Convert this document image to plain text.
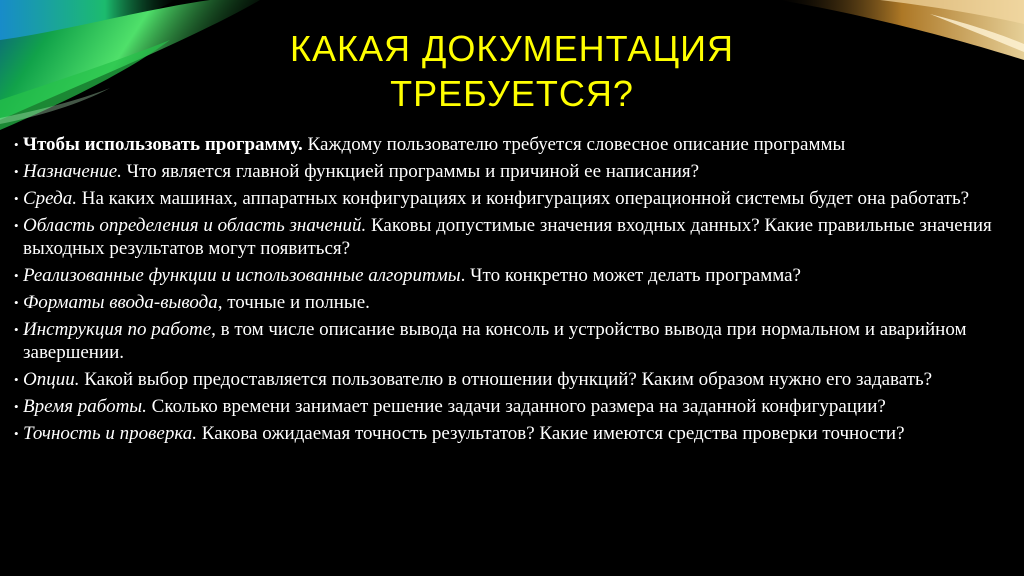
КАКАЯ ДОКУМЕНТАЦИЯ
ТРЕБУЕТСЯ?
• Чтобы использовать программу. Каждому пользователю требуется словесное описание программы
• Назначение. Что является главной функцией программы и причиной ее написания?
• Среда. На каких машинах, аппаратных конфигурациях и конфигурациях операционной системы будет она работать?
• Область определения и область значений. Каковы допустимые значения входных данных? Какие правильные значения выходных результатов могут появиться?
• Реализованные функции и использованные алгоритмы. Что конкретно может делать программа?
• Форматы ввода-вывода, точные и полные.
• Инструкция по работе, в том числе описание вывода на консоль и устройство вывода при нормальном и аварийном завершении.
• Опции. Какой выбор предоставляется пользователю в отношении функций? Каким образом нужно его задавать?
• Время работы. Сколько времени занимает решение задачи заданного размера на заданной конфигурации?
• Точность и проверка. Какова ожидаемая точность результатов? Какие имеются средства проверки точности?
